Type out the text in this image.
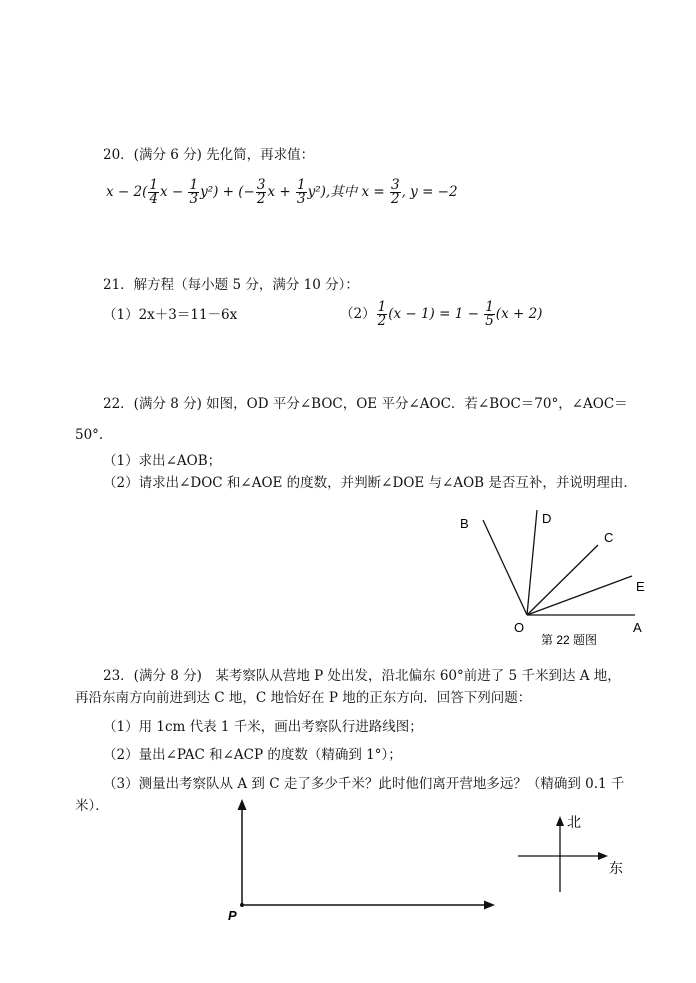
20．(满分 6 分) 先化简，再求值：
$x - 2( \frac{1}{4}$ $x - \frac{1}{3} y^2$) + (− $\frac{3}{2}$ $x + \frac{1}{3} y^2$),其中 $x = \frac{3}{2}$ , y = −2
21．解方程（每小题 5 分，满分 10 分）：
（1）2x＋3＝11－6x	$(2) \frac{1}{2} (x - 1) = 1 - \frac{1}{5} (x + 2)$
22．(满分 8 分) 如图，OD 平分∠BOC，OE 平分∠AOC．若∠BOC＝70°，∠AOC＝
50°.
（1）求出∠AOB；
（2）请求出∠DOC 和∠AOE 的度数，并判断∠DOE 与∠AOB 是否互补，并说明理由．
B	D
C
E
O	A
第 22 题图
23．(满分 8 分)　某考察队从营地 P 处出发，沿北偏东 60°前进了 5 千米到达 A 地，
再沿东南方向前进到达 C 地，C 地恰好在 P 地的正东方向．回答下列问题：
（1）用 1cm 代表 1 千米，画出考察队行进路线图；
（2）量出∠PAC 和∠ACP 的度数（精确到 1°）；
（3）测量出考察队从 A 到 C 走了多少千米？此时他们离开营地多远？（精确到 0.1 千
米）．
P
北
东
